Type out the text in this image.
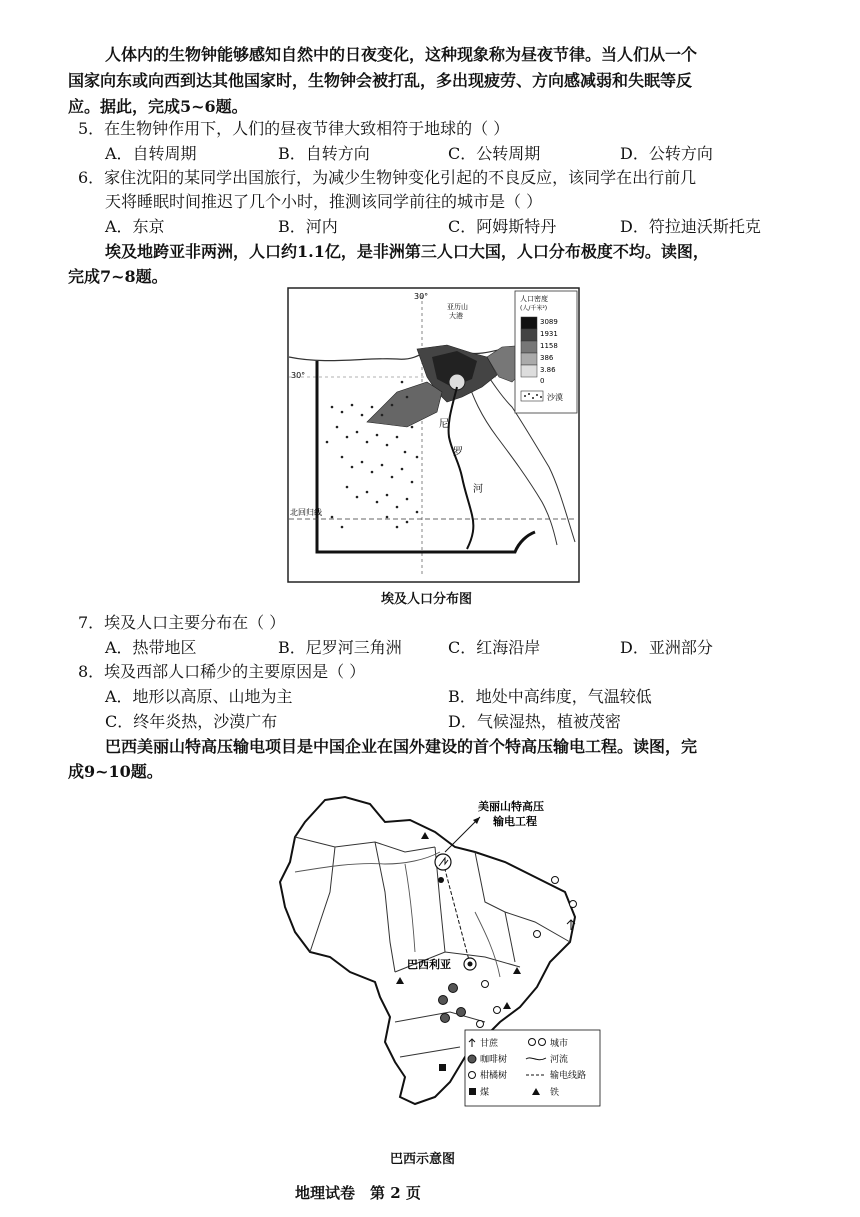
人体内的生物钟能够感知自然中的日夜变化，这种现象称为昼夜节律。当人们从一个
国家向东或向西到达其他国家时，生物钟会被打乱，多出现疲劳、方向感减弱和失眠等反
应。据此，完成5~6题。
5．在生物钟作用下，人们的昼夜节律大致相符于地球的（ ）
A．自转周期	B．自转方向	C．公转周期	D．公转方向
6．家住沈阳的某同学出国旅行，为减少生物钟变化引起的不良反应，该同学在出行前几
天将睡眠时间推迟了几个小时，推测该同学前往的城市是（ ）
A．东京	B．河内	C．阿姆斯特丹	D．符拉迪沃斯托克
埃及地跨亚非两洲，人口约1.1亿，是非洲第三人口大国，人口分布极度不均。读图，
完成7~8题。
30°
30°
亚历山
大港
尼
罗
河
北回归线
人口密度
(人/千米²)
3089
1931
1158
386
3.86
0
沙漠
埃及人口分布图
7．埃及人口主要分布在（ ）
A．热带地区	B．尼罗河三角洲	C．红海沿岸	D．亚洲部分
8．埃及西部人口稀少的主要原因是（ ）
A．地形以高原、山地为主	B．地处中高纬度，气温较低
C．终年炎热，沙漠广布	D．气候湿热，植被茂密
巴西美丽山特高压输电项目是中国企业在国外建设的首个特高压输电工程。读图，完
成9~10题。
美丽山特高压
输电工程
巴西利亚
甘蔗	城市
咖啡树	河流
柑橘树	输电线路
煤	铁
巴西示意图
地理试卷　第 2 页
